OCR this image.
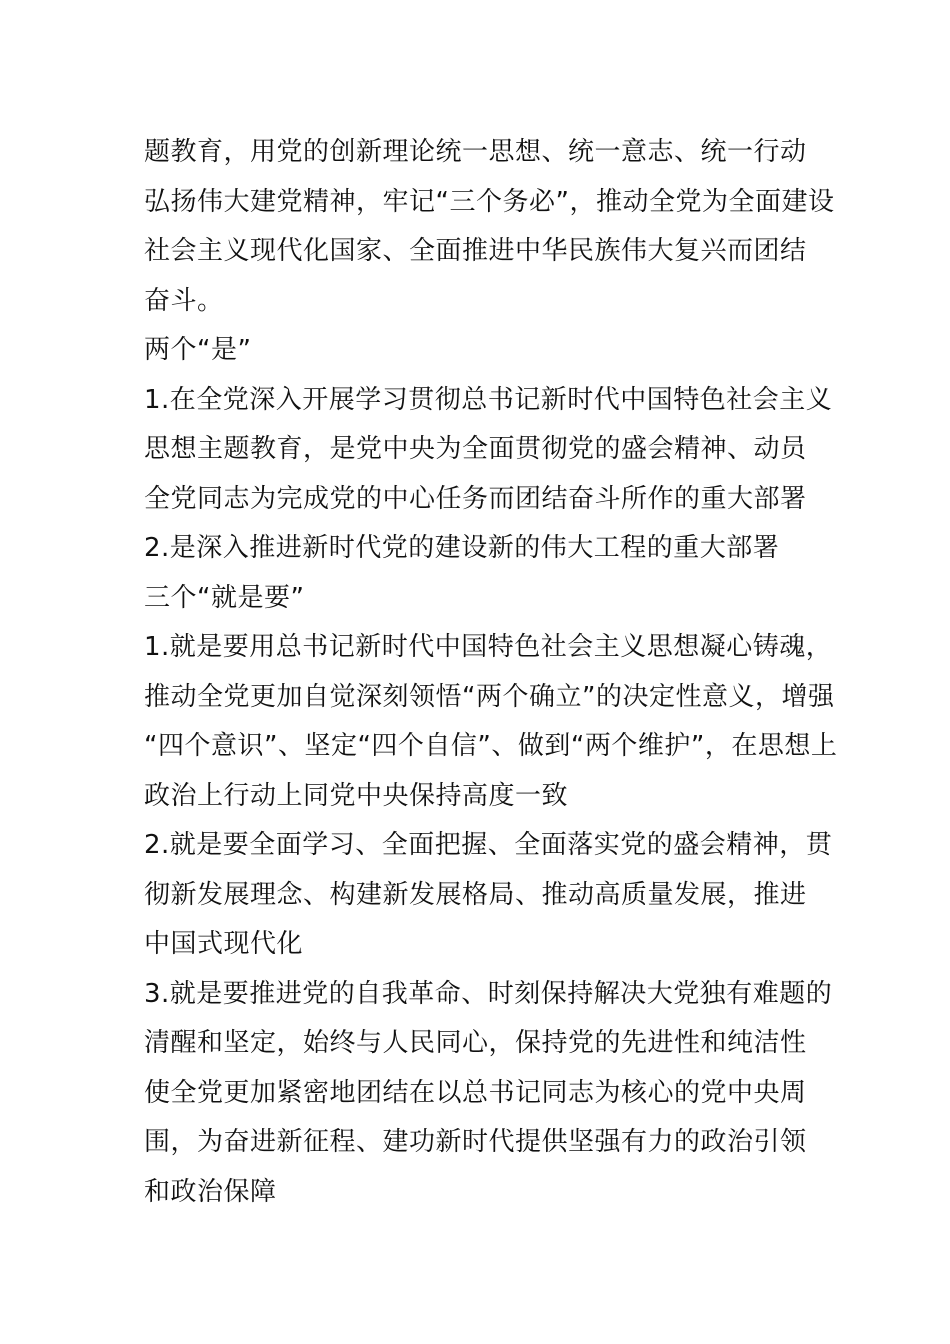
题教育，用党的创新理论统一思想、统一意志、统一行动
弘扬伟大建党精神，牢记“三个务必”，推动全党为全面建设
社会主义现代化国家、全面推进中华民族伟大复兴而团结
奋斗。
两个“是”
1.在全党深入开展学习贯彻总书记新时代中国特色社会主义
思想主题教育，是党中央为全面贯彻党的盛会精神、动员
全党同志为完成党的中心任务而团结奋斗所作的重大部署
2.是深入推进新时代党的建设新的伟大工程的重大部署
三个“就是要”
1.就是要用总书记新时代中国特色社会主义思想凝心铸魂，
推动全党更加自觉深刻领悟“两个确立”的决定性意义，增强
“四个意识”、坚定“四个自信”、做到“两个维护”，在思想上
政治上行动上同党中央保持高度一致
2.就是要全面学习、全面把握、全面落实党的盛会精神，贯
彻新发展理念、构建新发展格局、推动高质量发展，推进
中国式现代化
3.就是要推进党的自我革命、时刻保持解决大党独有难题的
清醒和坚定，始终与人民同心，保持党的先进性和纯洁性
使全党更加紧密地团结在以总书记同志为核心的党中央周
围，为奋进新征程、建功新时代提供坚强有力的政治引领
和政治保障
